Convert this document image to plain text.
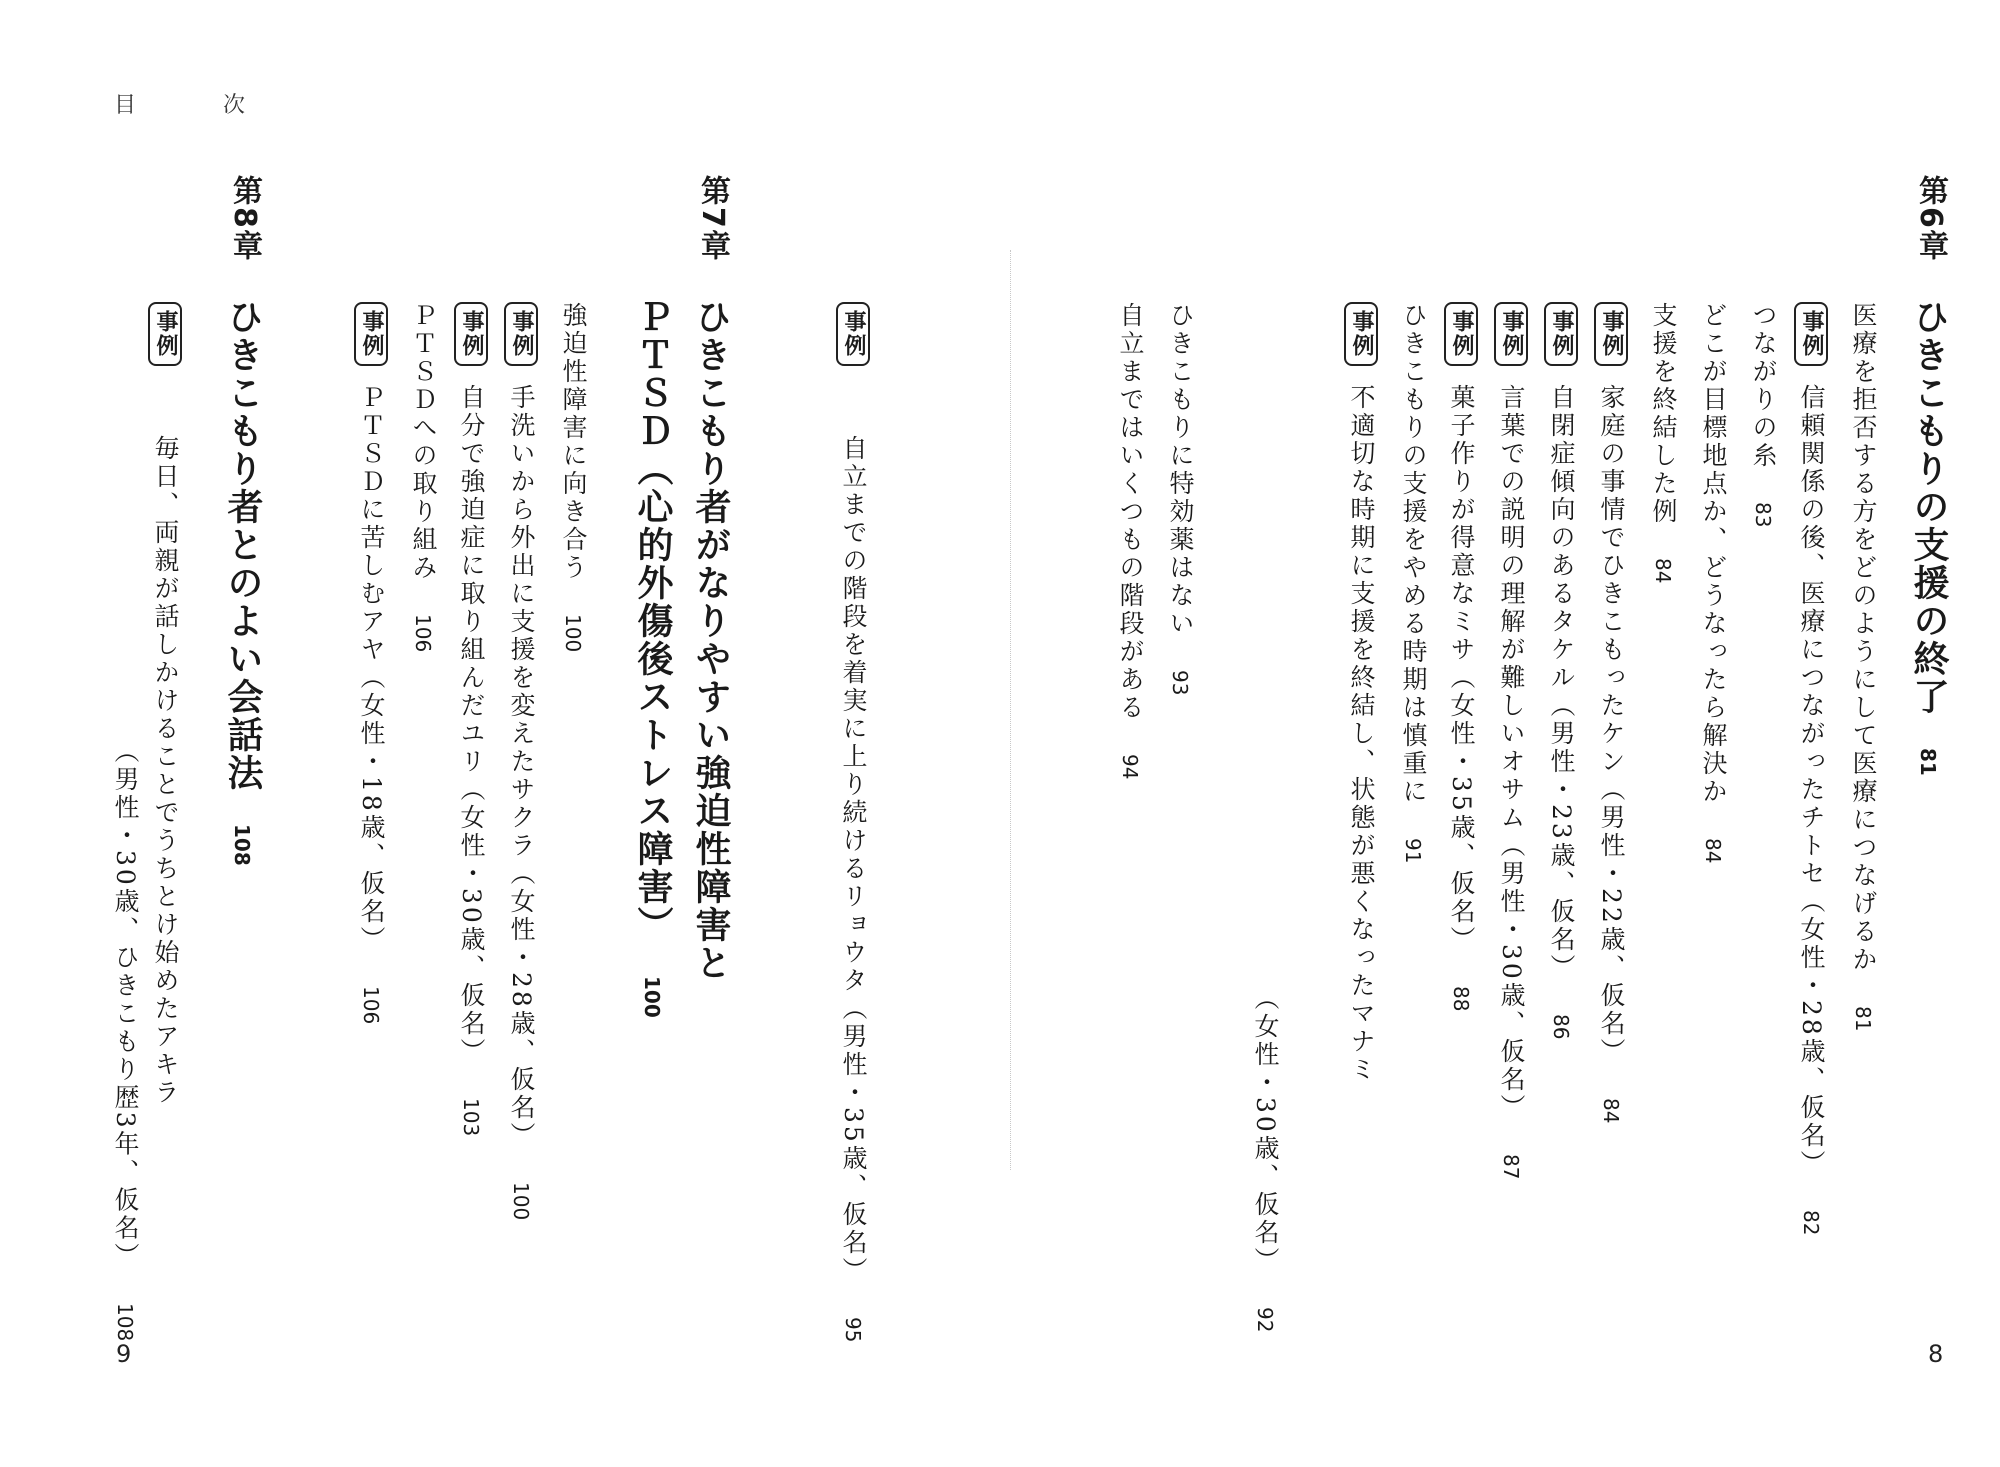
目 次
8
9
第6章
ひきこもりの支援の終了81
医療を拒否する方をどのようにして医療につなげるか81
事例信頼関係の後、医療につながったチトセ（女性・28歳、仮名）82
つながりの糸83
どこが目標地点か、どうなったら解決か84
支援を終結した例84
事例家庭の事情でひきこもったケン（男性・22歳、仮名）84
事例自閉症傾向のあるタケル（男性・23歳、仮名）86
事例言葉での説明の理解が難しいオサム（男性・30歳、仮名）87
事例菓子作りが得意なミサ（女性・35歳、仮名）88
ひきこもりの支援をやめる時期は慎重に91
事例不適切な時期に支援を終結し、状態が悪くなったマナミ
（女性・30歳、仮名）92
ひきこもりに特効薬はない93
自立まではいくつもの階段がある94
事例 自立までの階段を着実に上り続けるリョウタ（男性・35歳、仮名）95
第7章
ひきこもり者がなりやすい強迫性障害と
ＰＴＳＤ（心的外傷後ストレス障害）100
強迫性障害に向き合う100
事例手洗いから外出に支援を変えたサクラ（女性・28歳、仮名）100
事例自分で強迫症に取り組んだユリ（女性・30歳、仮名）103
ＰＴＳＤへの取り組み106
事例ＰＴＳＤに苦しむアヤ（女性・18歳、仮名）106
第8章
ひきこもり者とのよい会話法108
事例 毎日、両親が話しかけることでうちとけ始めたアキラ
（男性・30歳、ひきこもり歴3年、仮名）108
